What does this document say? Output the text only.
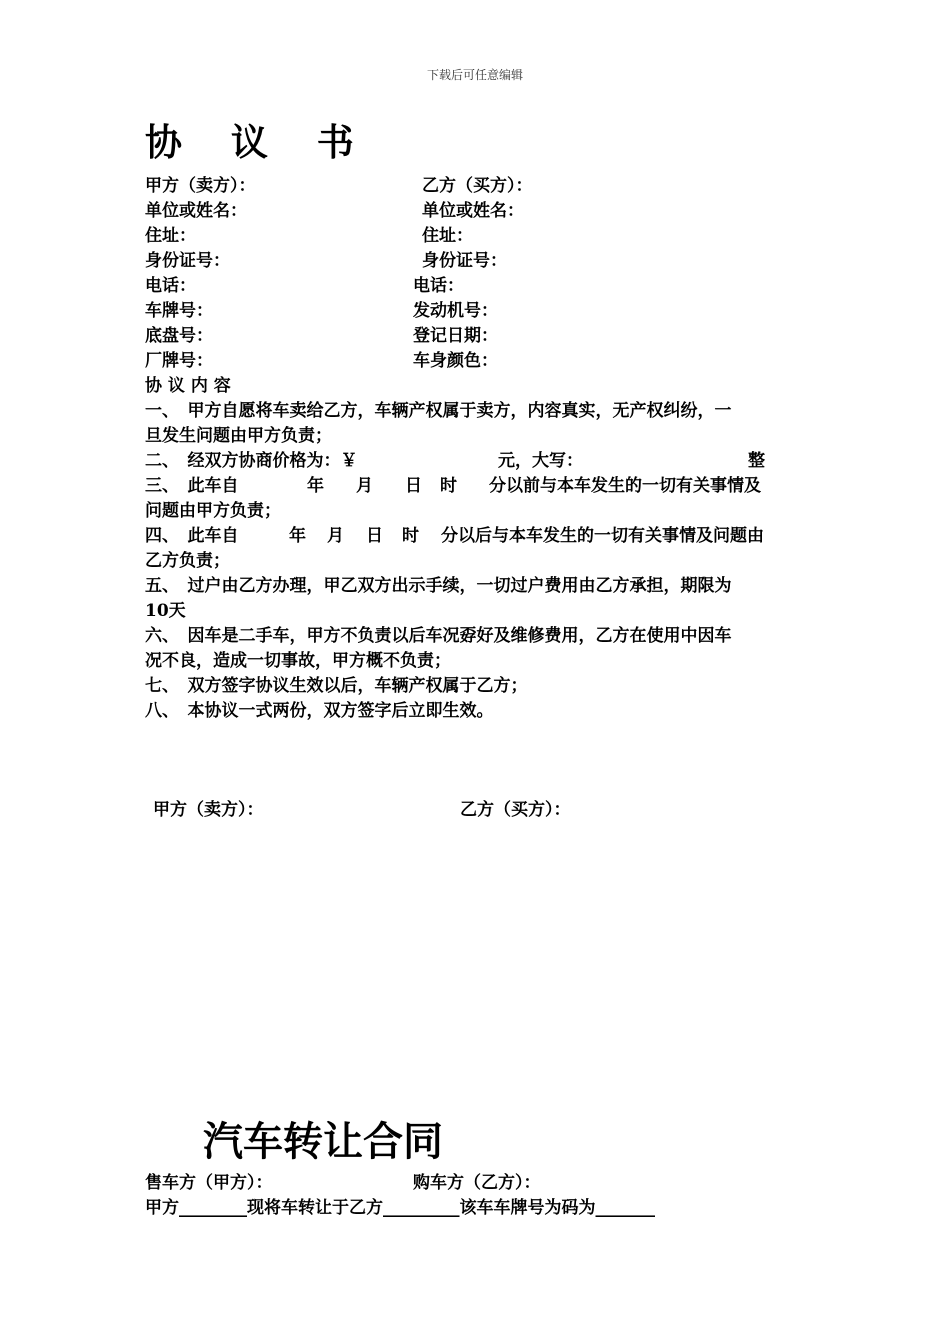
下载后可任意编辑
协 议 书
甲方（卖方）：	乙方（买方）：
单位或姓名：	单位或姓名：
住址：	住址：
身份证号：	身份证号：
电话：	电话：
车牌号：	发动机号：
底盘号：	登记日期：
厂牌号：	车身颜色：
协 议 内 容
一、　甲方自愿将车卖给乙方，车辆产权属于卖方，内容真实，无产权纠纷，一
旦发生问题由甲方负责；
二、　经双方协商价格为：￥	元，大写：	整
三、　此车自	年 月 日 时 分以前与本车发生的一切有关事情及
问题由甲方负责；
四、　此车自	年 月 日 时 分以后与本车发生的一切有关事情及问题由
乙方负责；
五、　过户由乙方办理，甲乙双方出示手续，一切过户费用由乙方承担，期限为
10天
六、　因车是二手车，甲方不负责以后车况孬好及维修费用，乙方在使用中因车
况不良，造成一切事故，甲方概不负责；
七、　双方签字协议生效以后，车辆产权属于乙方；
八、　本协议一式两份，双方签字后立即生效。
甲方（卖方）：	乙方（买方）：
汽车转让合同
售车方（甲方）：	购车方（乙方）：
甲方________现将车转让于乙方_________该车车牌号为码为_______
